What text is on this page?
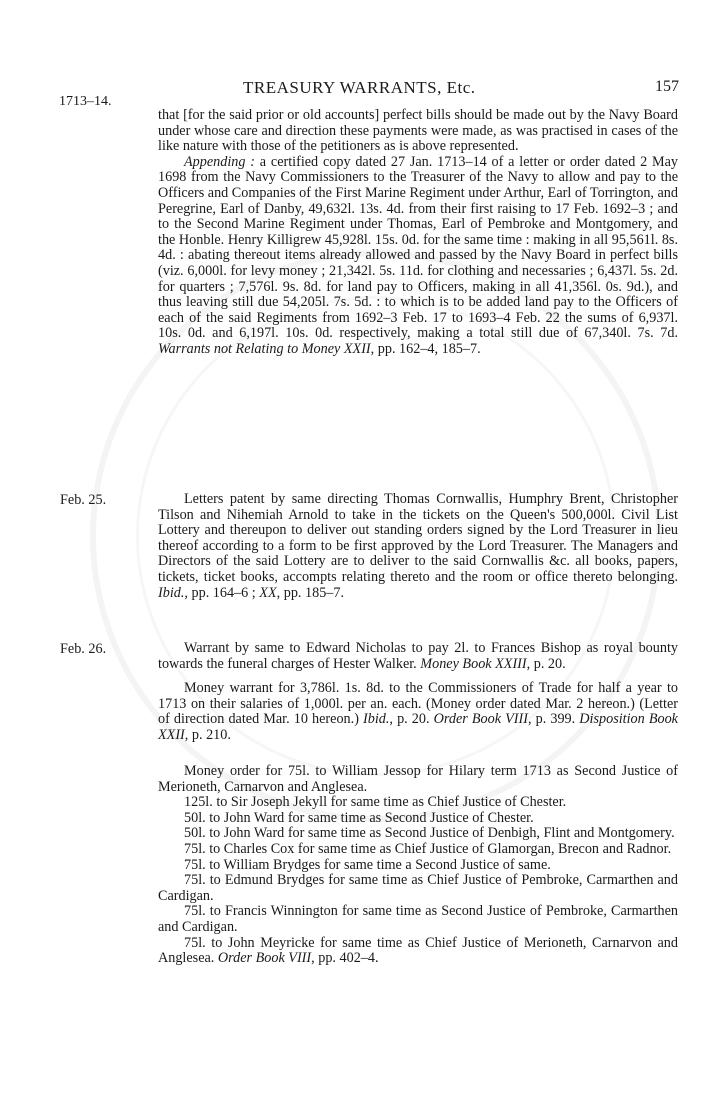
1713–14.
TREASURY WARRANTS, Etc.	157

that [for the said prior or old accounts] perfect bills should be made out by the Navy Board under whose care and direction these payments were made, as was practised in cases of the like nature with those of the petitioners as is above represented.

Appending : a certified copy dated 27 Jan. 1713–14 of a letter or order dated 2 May 1698 from the Navy Commissioners to the Treasurer of the Navy to allow and pay to the Officers and Companies of the First Marine Regiment under Arthur, Earl of Torrington, and Peregrine, Earl of Danby, 49,632l. 13s. 4d. from their first raising to 17 Feb. 1692–3 ; and to the Second Marine Regiment under Thomas, Earl of Pembroke and Montgomery, and the Honble. Henry Killigrew 45,928l. 15s. 0d. for the same time : making in all 95,561l. 8s. 4d. : abating thereout items already allowed and passed by the Navy Board in perfect bills (viz. 6,000l. for levy money ; 21,342l. 5s. 11d. for clothing and necessaries ; 6,437l. 5s. 2d. for quarters ; 7,576l. 9s. 8d. for land pay to Officers, making in all 41,356l. 0s. 9d.), and thus leaving still due 54,205l. 7s. 5d. : to which is to be added land pay to the Officers of each of the said Regiments from 1692–3 Feb. 17 to 1693–4 Feb. 22 the sums of 6,937l. 10s. 0d. and 6,197l. 10s. 0d. respectively, making a total still due of 67,340l. 7s. 7d. Warrants not Relating to Money XXII, pp. 162–4, 185–7.

Feb. 25.	Letters patent by same directing Thomas Cornwallis, Humphry Brent, Christopher Tilson and Nihemiah Arnold to take in the tickets on the Queen's 500,000l. Civil List Lottery and thereupon to deliver out standing orders signed by the Lord Treasurer in lieu thereof according to a form to be first approved by the Lord Treasurer. The Managers and Directors of the said Lottery are to deliver to the said Cornwallis &c. all books, papers, tickets, ticket books, accompts relating thereto and the room or office thereto belonging. Ibid., pp. 164–6 ; XX, pp. 185–7.

Feb. 26.	Warrant by same to Edward Nicholas to pay 2l. to Frances Bishop as royal bounty towards the funeral charges of Hester Walker. Money Book XXIII, p. 20.

Money warrant for 3,786l. 1s. 8d. to the Commissioners of Trade for half a year to 1713 on their salaries of 1,000l. per an. each. (Money order dated Mar. 2 hereon.) (Letter of direction dated Mar. 10 hereon.) Ibid., p. 20. Order Book VIII, p. 399. Disposition Book XXII, p. 210.

Money order for 75l. to William Jessop for Hilary term 1713 as Second Justice of Merioneth, Carnarvon and Anglesea.

125l. to Sir Joseph Jekyll for same time as Chief Justice of Chester.

50l. to John Ward for same time as Second Justice of Chester.

50l. to John Ward for same time as Second Justice of Denbigh, Flint and Montgomery.

75l. to Charles Cox for same time as Chief Justice of Glamorgan, Brecon and Radnor.

75l. to William Brydges for same time a Second Justice of same.

75l. to Edmund Brydges for same time as Chief Justice of Pembroke, Carmarthen and Cardigan.

75l. to Francis Winnington for same time as Second Justice of Pembroke, Carmarthen and Cardigan.

75l. to John Meyricke for same time as Chief Justice of Merioneth, Carnarvon and Anglesea. Order Book VIII, pp. 402–4.
